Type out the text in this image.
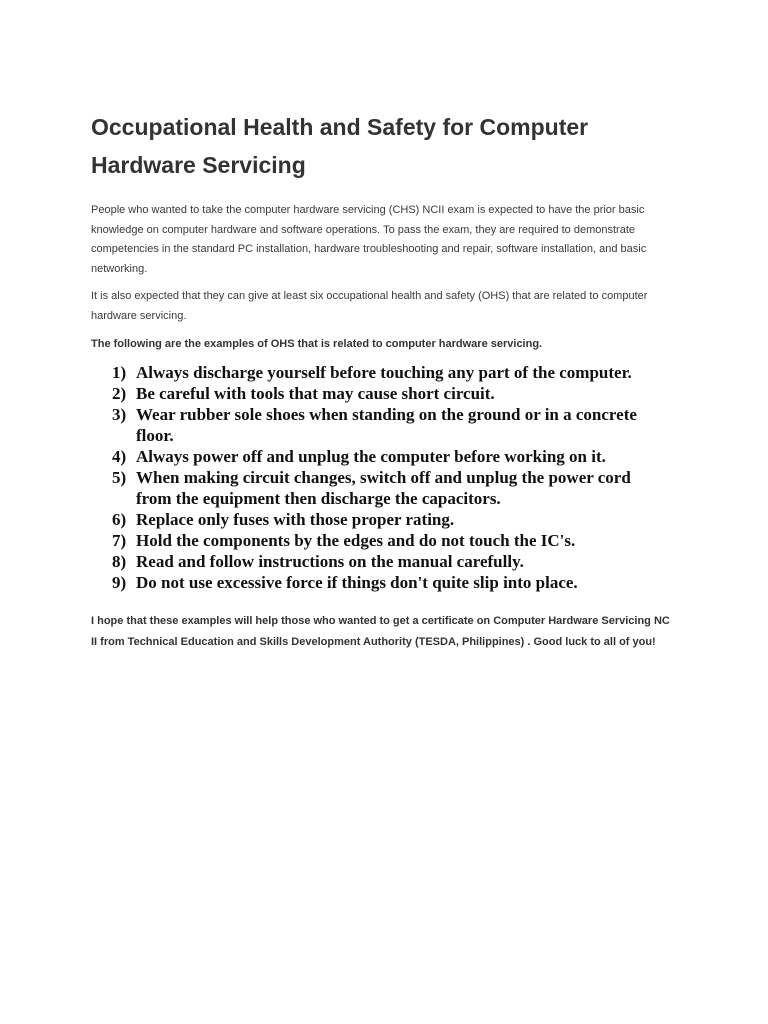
Occupational Health and Safety for Computer Hardware Servicing

People who wanted to take the computer hardware servicing (CHS) NCII exam is expected to have the prior basic knowledge on computer hardware and software operations. To pass the exam, they are required to demonstrate competencies in the standard PC installation, hardware troubleshooting and repair, software installation, and basic networking.

It is also expected that they can give at least six occupational health and safety (OHS) that are related to computer hardware servicing.

The following are the examples of OHS that is related to computer hardware servicing.

1) Always discharge yourself before touching any part of the computer.
2) Be careful with tools that may cause short circuit.
3) Wear rubber sole shoes when standing on the ground or in a concrete floor.
4) Always power off and unplug the computer before working on it.
5) When making circuit changes, switch off and unplug the power cord from the equipment then discharge the capacitors.
6) Replace only fuses with those proper rating.
7) Hold the components by the edges and do not touch the IC's.
8) Read and follow instructions on the manual carefully.
9) Do not use excessive force if things don't quite slip into place.

I hope that these examples will help those who wanted to get a certificate on Computer Hardware Servicing NC II from Technical Education and Skills Development Authority (TESDA, Philippines) . Good luck to all of you!
